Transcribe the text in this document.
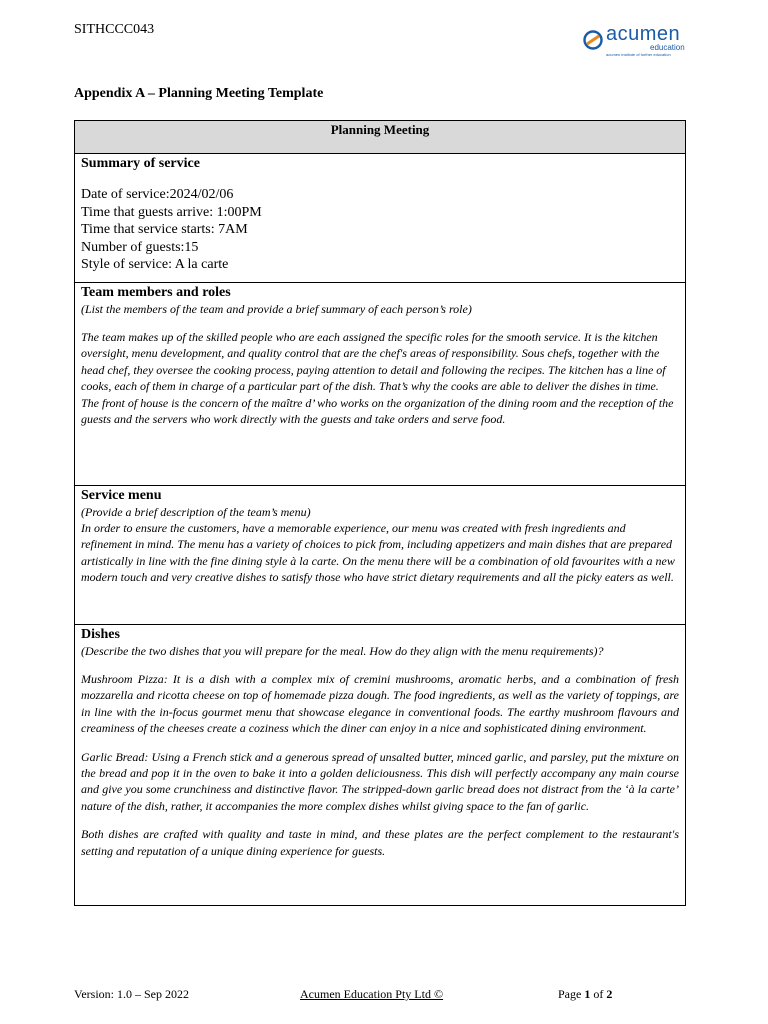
SITHCCC043	acumen
education
acumen institute of further education
Appendix A – Planning Meeting Template
Planning Meeting

Summary of service
Date of service:2024/02/06
Time that guests arrive: 1:00PM
Time that service starts: 7AM
Number of guests:15
Style of service: A la carte

Team members and roles
(List the members of the team and provide a brief summary of each person’s role)
The team makes up of the skilled people who are each assigned the specific roles for the smooth service. It is the kitchen oversight, menu development, and quality control that are the chef's areas of responsibility. Sous chefs, together with the head chef, they oversee the cooking process, paying attention to detail and following the recipes. The kitchen has a line of cooks, each of them in charge of a particular part of the dish. That’s why the cooks are able to deliver the dishes in time. The front of house is the concern of the maître d’ who works on the organization of the dining room and the reception of the guests and the servers who work directly with the guests and take orders and serve food.

Service menu
(Provide a brief description of the team’s menu)
In order to ensure the customers, have a memorable experience, our menu was created with fresh ingredients and refinement in mind. The menu has a variety of choices to pick from, including appetizers and main dishes that are prepared artistically in line with the fine dining style à la carte. On the menu there will be a combination of old favourites with a new modern touch and very creative dishes to satisfy those who have strict dietary requirements and all the picky eaters as well.

Dishes
(Describe the two dishes that you will prepare for the meal. How do they align with the menu requirements)?
Mushroom Pizza: It is a dish with a complex mix of cremini mushrooms, aromatic herbs, and a combination of fresh mozzarella and ricotta cheese on top of homemade pizza dough. The food ingredients, as well as the variety of toppings, are in line with the in-focus gourmet menu that showcase elegance in conventional foods. The earthy mushroom flavours and creaminess of the cheeses create a coziness which the diner can enjoy in a nice and sophisticated dining environment.
Garlic Bread: Using a French stick and a generous spread of unsalted butter, minced garlic, and parsley, put the mixture on the bread and pop it in the oven to bake it into a golden deliciousness. This dish will perfectly accompany any main course and give you some crunchiness and distinctive flavor. The stripped-down garlic bread does not distract from the ‘à la carte’ nature of the dish, rather, it accompanies the more complex dishes whilst giving space to the fan of garlic.
Both dishes are crafted with quality and taste in mind, and these plates are the perfect complement to the restaurant's setting and reputation of a unique dining experience for guests.
Version: 1.0 – Sep 2022	Acumen Education Pty Ltd ©	Page 1 of 2
